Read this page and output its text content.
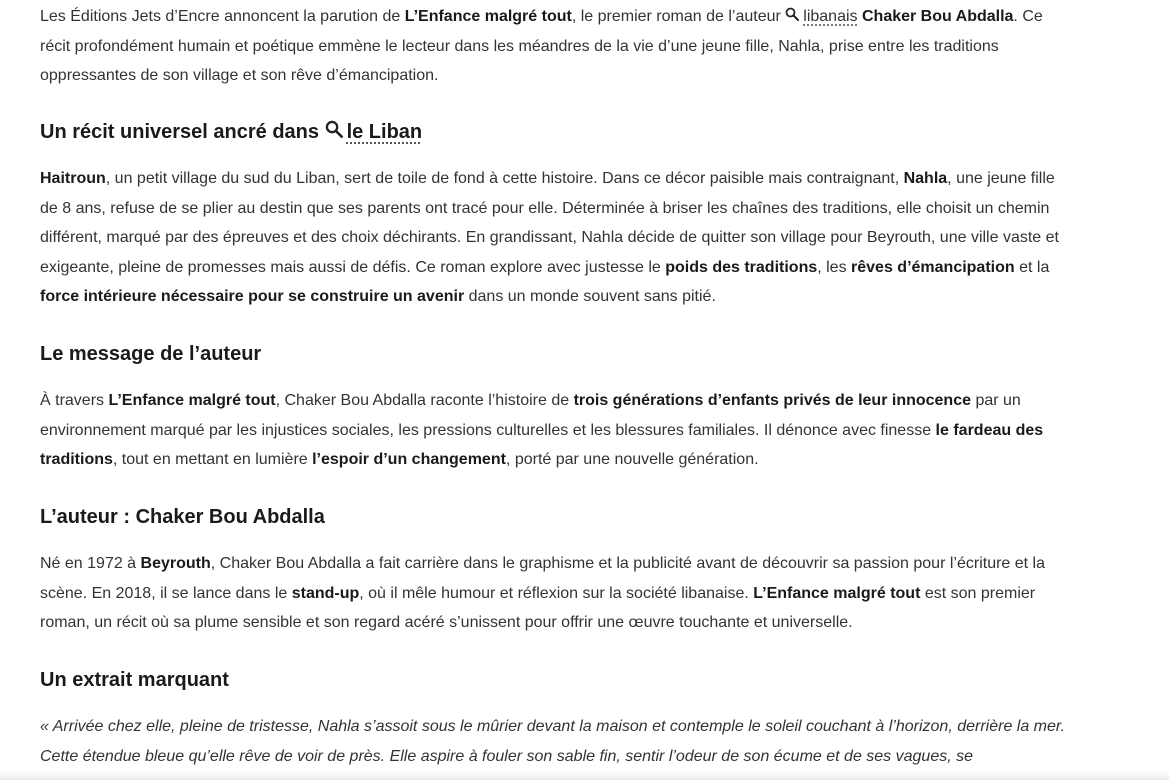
Les Éditions Jets d’Encre annoncent la parution de L’Enfance malgré tout, le premier roman de l’auteur
libanais Chaker Bou Abdalla. Ce récit profondément humain et poétique emmène le lecteur dans les méandres de la vie d’une jeune fille, Nahla, prise entre les traditions oppressantes de son village et son rêve d’émancipation.

Un récit universel ancré dans
le Liban

Haitroun, un petit village du sud du Liban, sert de toile de fond à cette histoire. Dans ce décor paisible mais contraignant, Nahla, une jeune fille de 8 ans, refuse de se plier au destin que ses parents ont tracé pour elle. Déterminée à briser les chaînes des traditions, elle choisit un chemin différent, marqué par des épreuves et des choix déchirants. En grandissant, Nahla décide de quitter son village pour Beyrouth, une ville vaste et exigeante, pleine de promesses mais aussi de défis. Ce roman explore avec justesse le poids des traditions, les rêves d’émancipation et la force intérieure nécessaire pour se construire un avenir dans un monde souvent sans pitié.

Le message de l’auteur

À travers L’Enfance malgré tout, Chaker Bou Abdalla raconte l’histoire de trois générations d’enfants privés de leur innocence par un environnement marqué par les injustices sociales, les pressions culturelles et les blessures familiales. Il dénonce avec finesse le fardeau des traditions, tout en mettant en lumière l’espoir d’un changement, porté par une nouvelle génération.

L’auteur : Chaker Bou Abdalla

Né en 1972 à Beyrouth, Chaker Bou Abdalla a fait carrière dans le graphisme et la publicité avant de découvrir sa passion pour l’écriture et la scène. En 2018, il se lance dans le stand-up, où il mêle humour et réflexion sur la société libanaise. L’Enfance malgré tout est son premier roman, un récit où sa plume sensible et son regard acéré s’unissent pour offrir une œuvre touchante et universelle.

Un extrait marquant

« Arrivée chez elle, pleine de tristesse, Nahla s’assoit sous le mûrier devant la maison et contemple le soleil couchant à l’horizon, derrière la mer. Cette étendue bleue qu’elle rêve de voir de près. Elle aspire à fouler son sable fin, sentir l’odeur de son écume et de ses vagues, se
